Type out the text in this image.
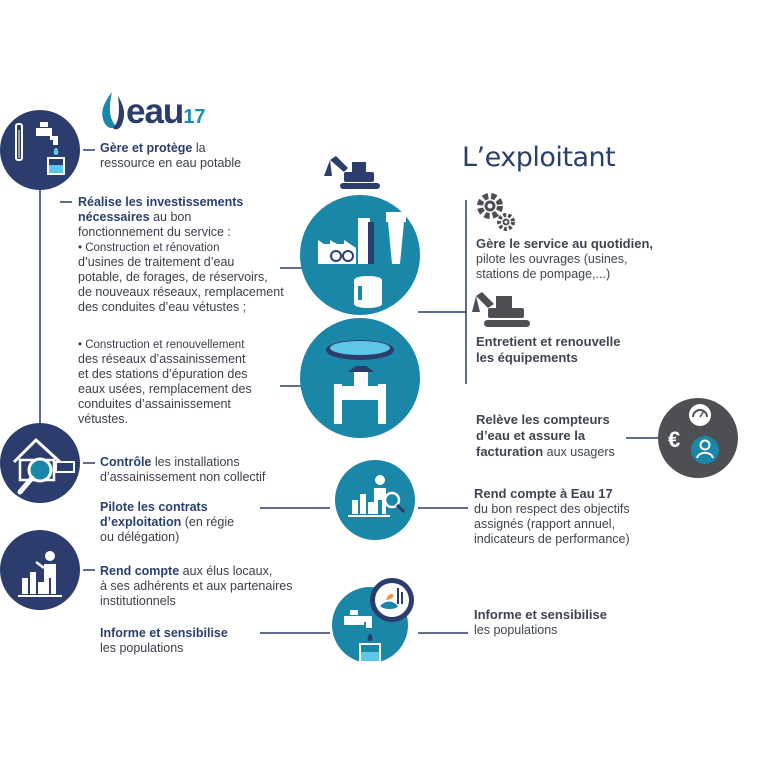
€
eau17
Gère et protège la
ressource en eau potable
Réalise les investissements
nécessaires au bon
fonctionnement du service :
• Construction et rénovation
d’usines de traitement d’eau
potable, de forages, de réservoirs,
de nouveaux réseaux, remplacement
des conduites d’eau vétustes ;
• Construction et renouvellement
des réseaux d’assainissement
et des stations d’épuration des
eaux usées, remplacement des
conduites d’assainissement
vétustes.
Contrôle les installations
d’assainissement non collectif
Pilote les contrats
d’exploitation (en régie
ou délégation)
Rend compte aux élus locaux,
à ses adhérents et aux partenaires
institutionnels
Informe et sensibilise
les populations
L’exploitant
Gère le service au quotidien,
pilote les ouvrages (usines,
stations de pompage,...)
Entretient et renouvelle
les équipements
Relève les compteurs
d’eau et assure la
facturation aux usagers
Rend compte à Eau 17
du bon respect des objectifs
assignés (rapport annuel,
indicateurs de performance)
Informe et sensibilise
les populations
